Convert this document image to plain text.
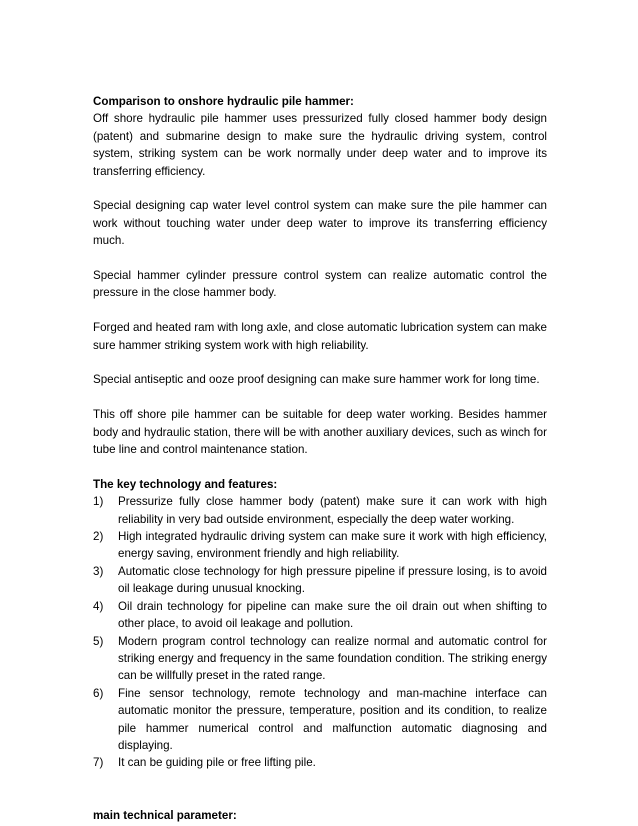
Comparison to onshore hydraulic pile hammer:

Off shore hydraulic pile hammer uses pressurized fully closed hammer body design (patent) and submarine design to make sure the hydraulic driving system, control system, striking system can be work normally under deep water and to improve its transferring efficiency.

Special designing cap water level control system can make sure the pile hammer can work without touching water under deep water to improve its transferring efficiency much.

Special hammer cylinder pressure control system can realize automatic control the pressure in the close hammer body.

Forged and heated ram with long axle, and close automatic lubrication system can make sure hammer striking system work with high reliability.

Special antiseptic and ooze proof designing can make sure hammer work for long time.

This off shore pile hammer can be suitable for deep water working. Besides hammer body and hydraulic station, there will be with another auxiliary devices, such as winch for tube line and control maintenance station.

The key technology and features:

1) Pressurize fully close hammer body (patent) make sure it can work with high reliability in very bad outside environment, especially the deep water working.
2) High integrated hydraulic driving system can make sure it work with high efficiency, energy saving, environment friendly and high reliability.
3) Automatic close technology for high pressure pipeline if pressure losing, is to avoid oil leakage during unusual knocking.
4) Oil drain technology for pipeline can make sure the oil drain out when shifting to other place, to avoid oil leakage and pollution.
5) Modern program control technology can realize normal and automatic control for striking energy and frequency in the same foundation condition. The striking energy can be willfully preset in the rated range.
6) Fine sensor technology, remote technology and man-machine interface can automatic monitor the pressure, temperature, position and its condition, to realize pile hammer numerical control and malfunction automatic diagnosing and displaying.
7) It can be guiding pile or free lifting pile.

main technical parameter:
